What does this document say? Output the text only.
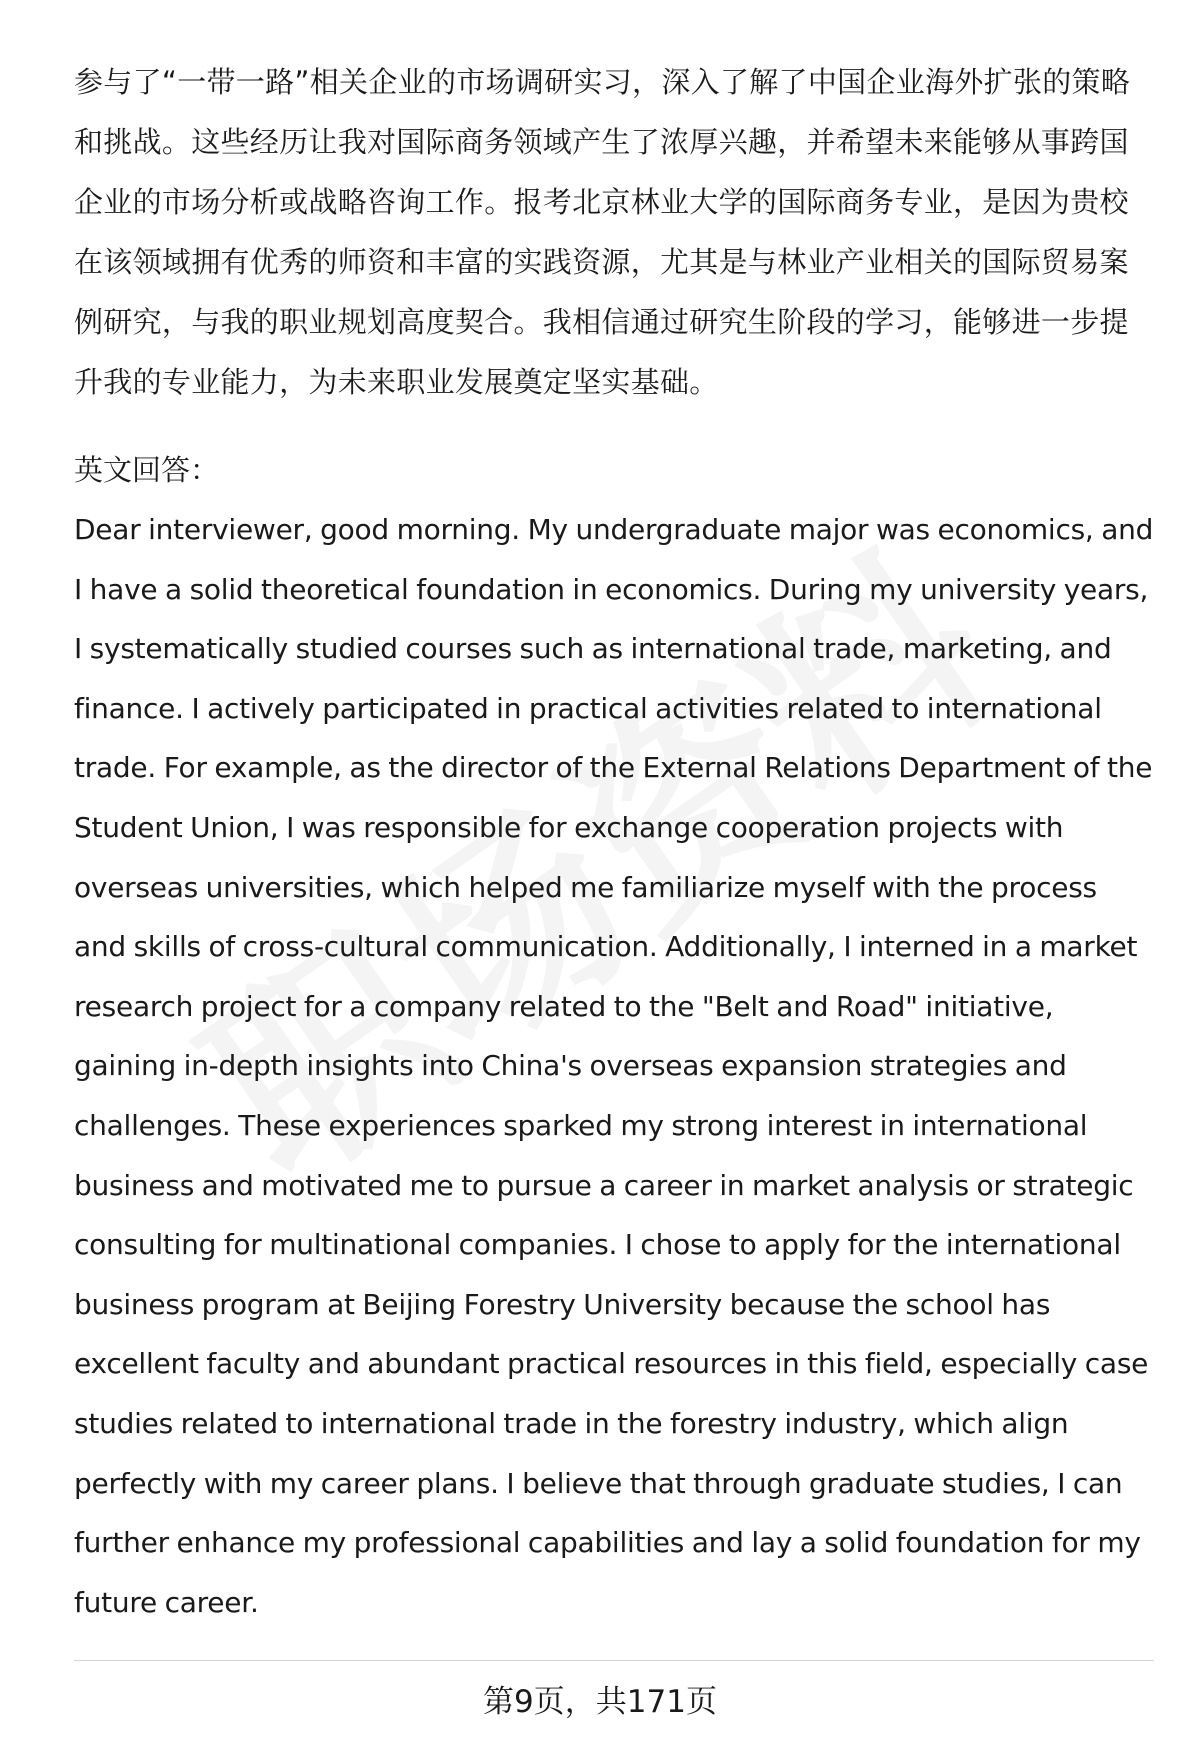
参与了“一带一路”相关企业的市场调研实习，深入了解了中国企业海外扩张的策略和挑战。这些经历让我对国际商务领域产生了浓厚兴趣，并希望未来能够从事跨国企业的市场分析或战略咨询工作。报考北京林业大学的国际商务专业，是因为贵校在该领域拥有优秀的师资和丰富的实践资源，尤其是与林业产业相关的国际贸易案例研究，与我的职业规划高度契合。我相信通过研究生阶段的学习，能够进一步提升我的专业能力，为未来职业发展奠定坚实基础。

英文回答：

Dear interviewer, good morning. My undergraduate major was economics, and I have a solid theoretical foundation in economics. During my university years, I systematically studied courses such as international trade, marketing, and finance. I actively participated in practical activities related to international trade. For example, as the director of the External Relations Department of the Student Union, I was responsible for exchange cooperation projects with overseas universities, which helped me familiarize myself with the process and skills of cross-cultural communication. Additionally, I interned in a market research project for a company related to the "Belt and Road" initiative, gaining in-depth insights into China's overseas expansion strategies and challenges. These experiences sparked my strong interest in international business and motivated me to pursue a career in market analysis or strategic consulting for multinational companies. I chose to apply for the international business program at Beijing Forestry University because the school has excellent faculty and abundant practical resources in this field, especially case studies related to international trade in the forestry industry, which align perfectly with my career plans. I believe that through graduate studies, I can further enhance my professional capabilities and lay a solid foundation for my future career.

第9页，共171页
